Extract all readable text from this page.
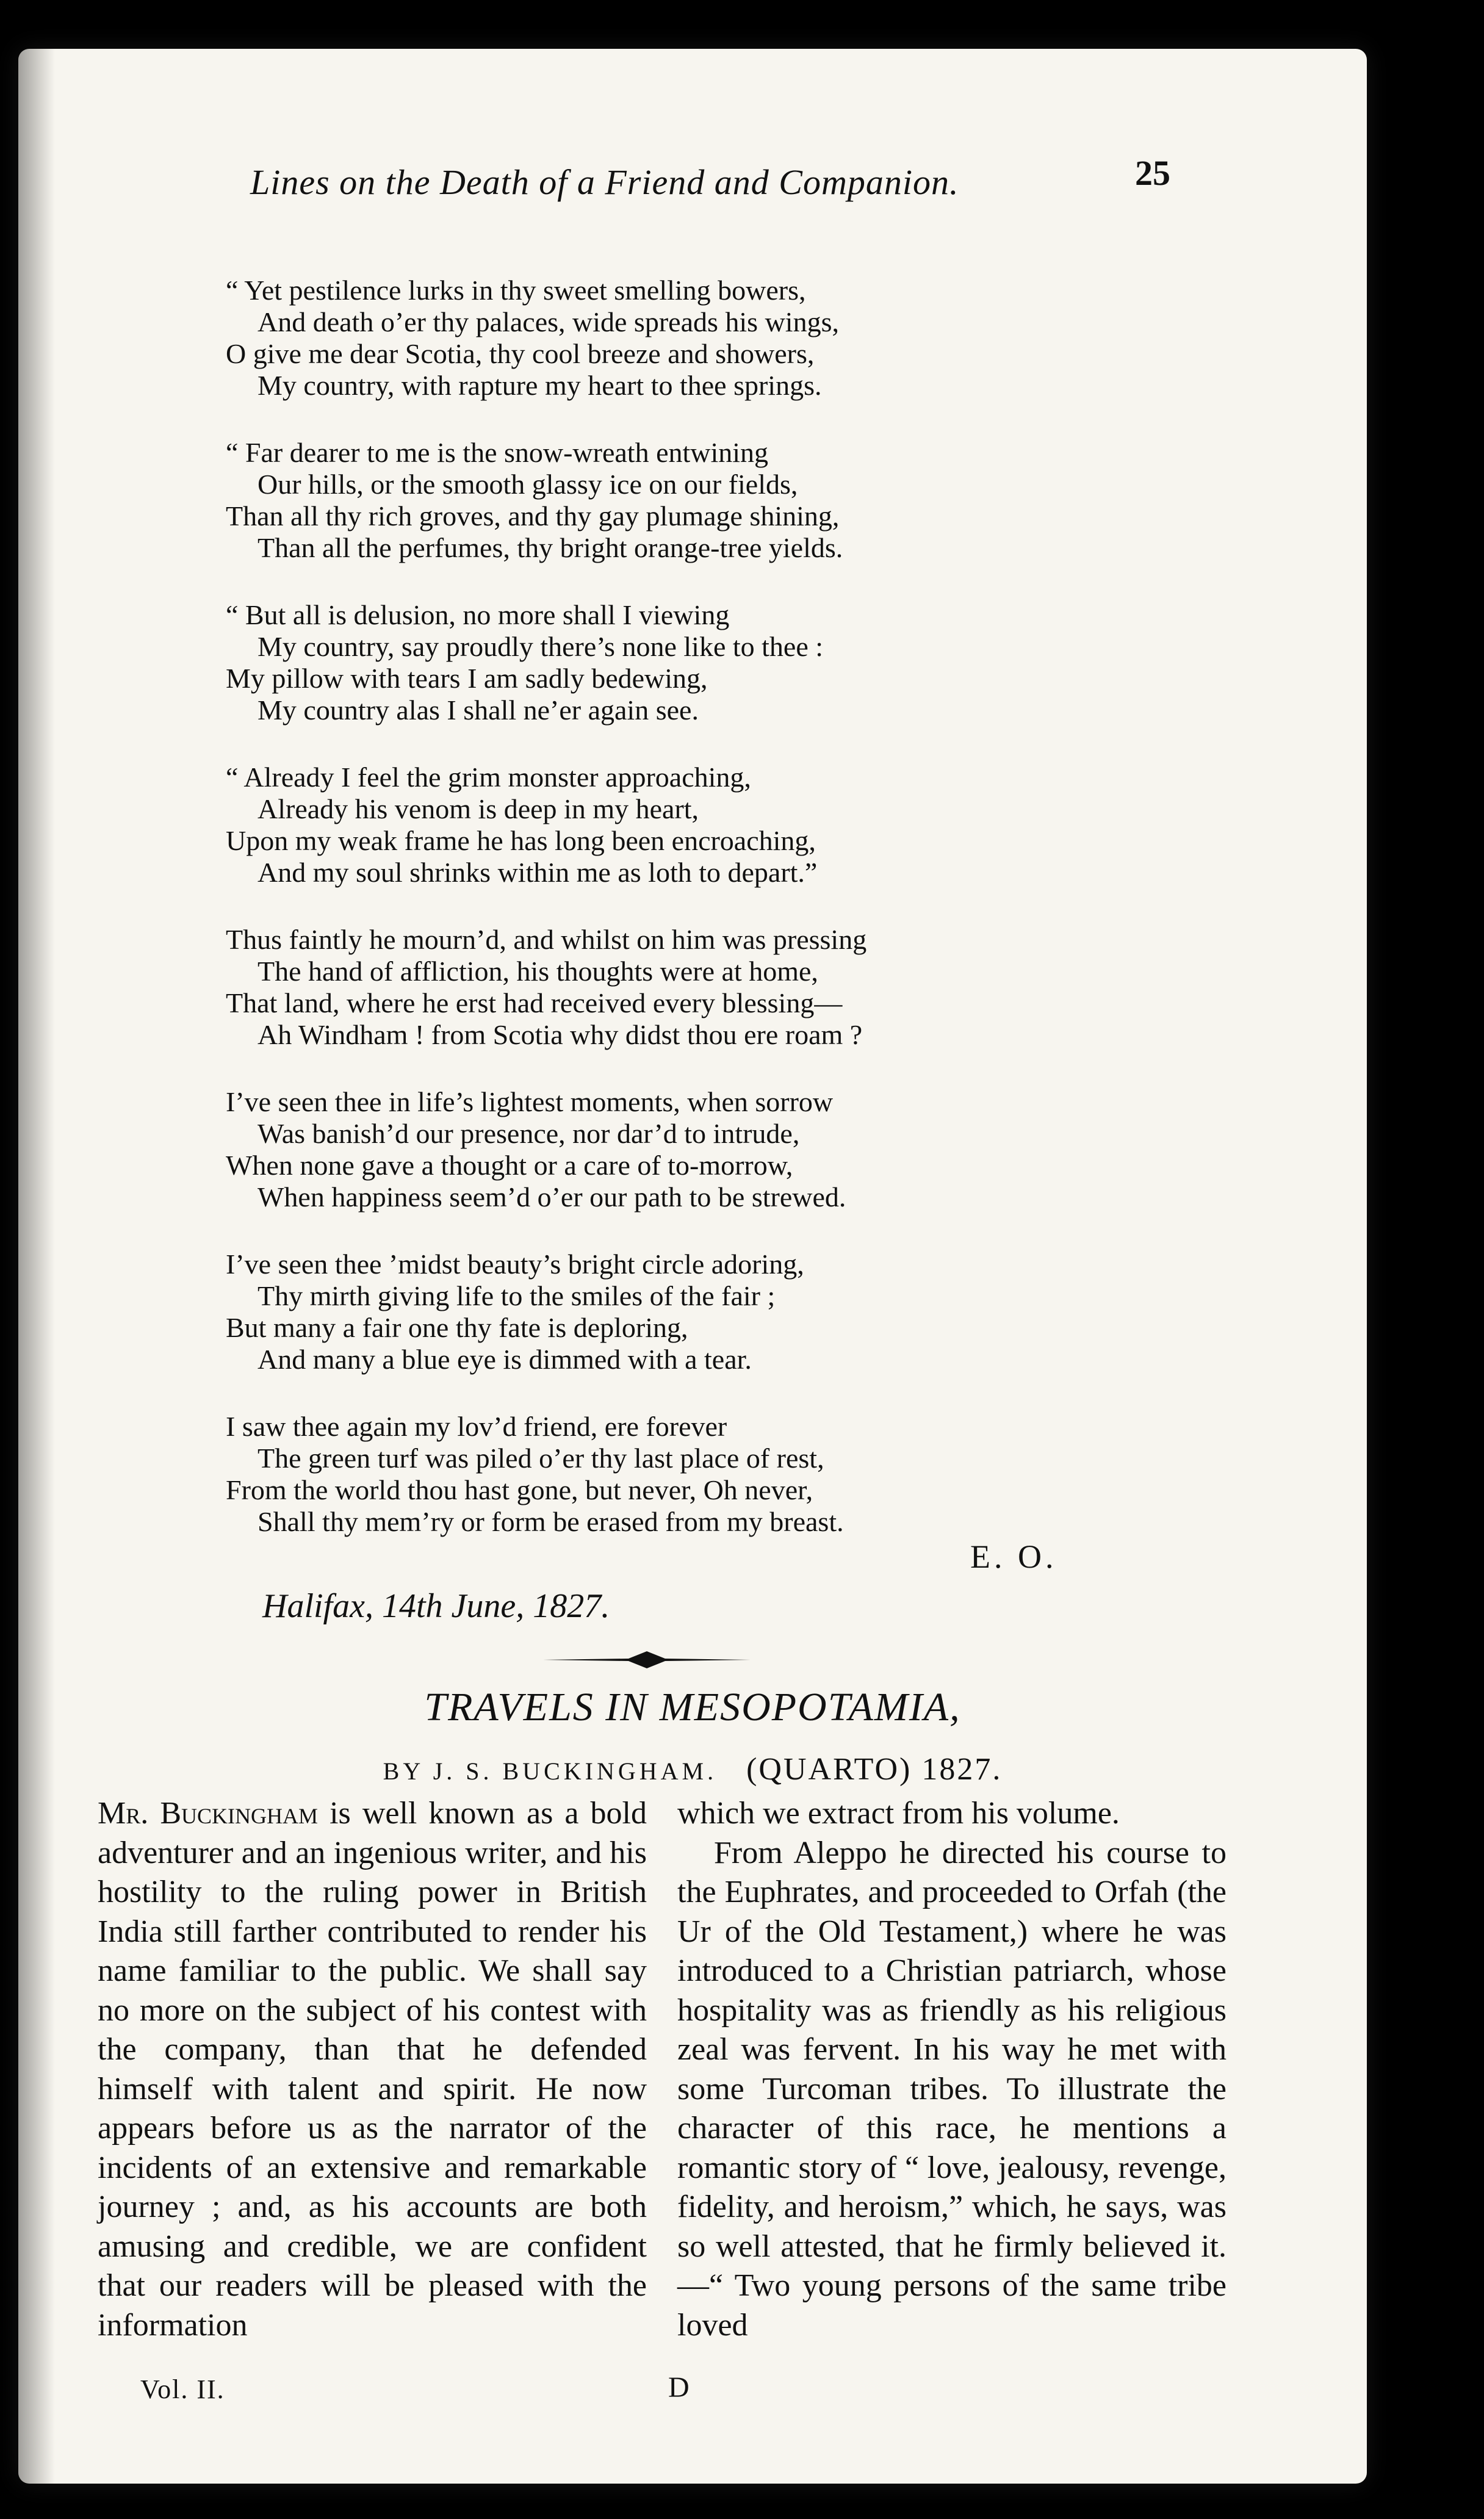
Lines on the Death of a Friend and Companion.	25
“ Yet pestilence lurks in thy sweet smelling bowers,
And death o’er thy palaces, wide spreads his wings,
O give me dear Scotia, thy cool breeze and showers,
My country, with rapture my heart to thee springs.
“ Far dearer to me is the snow-wreath entwining
Our hills, or the smooth glassy ice on our fields,
Than all thy rich groves, and thy gay plumage shining,
Than all the perfumes, thy bright orange-tree yields.
“ But all is delusion, no more shall I viewing
My country, say proudly there’s none like to thee :
My pillow with tears I am sadly bedewing,
My country alas I shall ne’er again see.
“ Already I feel the grim monster approaching,
Already his venom is deep in my heart,
Upon my weak frame he has long been encroaching,
And my soul shrinks within me as loth to depart.”
Thus faintly he mourn’d, and whilst on him was pressing
The hand of affliction, his thoughts were at home,
That land, where he erst had received every blessing—
Ah Windham ! from Scotia why didst thou ere roam ?
I’ve seen thee in life’s lightest moments, when sorrow
Was banish’d our presence, nor dar’d to intrude,
When none gave a thought or a care of to-morrow,
When happiness seem’d o’er our path to be strewed.
I’ve seen thee ’midst beauty’s bright circle adoring,
Thy mirth giving life to the smiles of the fair ;
But many a fair one thy fate is deploring,
And many a blue eye is dimmed with a tear.
I saw thee again my lov’d friend, ere forever
The green turf was piled o’er thy last place of rest,
From the world thou hast gone, but never, Oh never,
Shall thy mem’ry or form be erased from my breast.
E. O.
Halifax, 14th June, 1827.
TRAVELS IN MESOPOTAMIA,
BY J. S. BUCKINGHAM. (QUARTO) 1827.

Mr. Buckingham is well known as a bold adventurer and an ingenious writer, and his hostility to the ruling power in British India still farther contributed to render his name familiar to the public. We shall say no more on the subject of his contest with the company, than that he defended himself with talent and spirit. He now appears before us as the narrator of the incidents of an extensive and remarkable journey ; and, as his accounts are both amusing and credible, we are confident that our readers will be pleased with the information

which we extract from his volume.

From Aleppo he directed his course to the Euphrates, and proceeded to Orfah (the Ur of the Old Testament,) where he was introduced to a Christian patriarch, whose hospitality was as friendly as his religious zeal was fervent. In his way he met with some Turcoman tribes. To illustrate the character of this race, he mentions a romantic story of “ love, jealousy, revenge, fidelity, and heroism,” which, he says, was so well attested, that he firmly believed it.—“ Two young persons of the same tribe loved

Vol. II.	D
